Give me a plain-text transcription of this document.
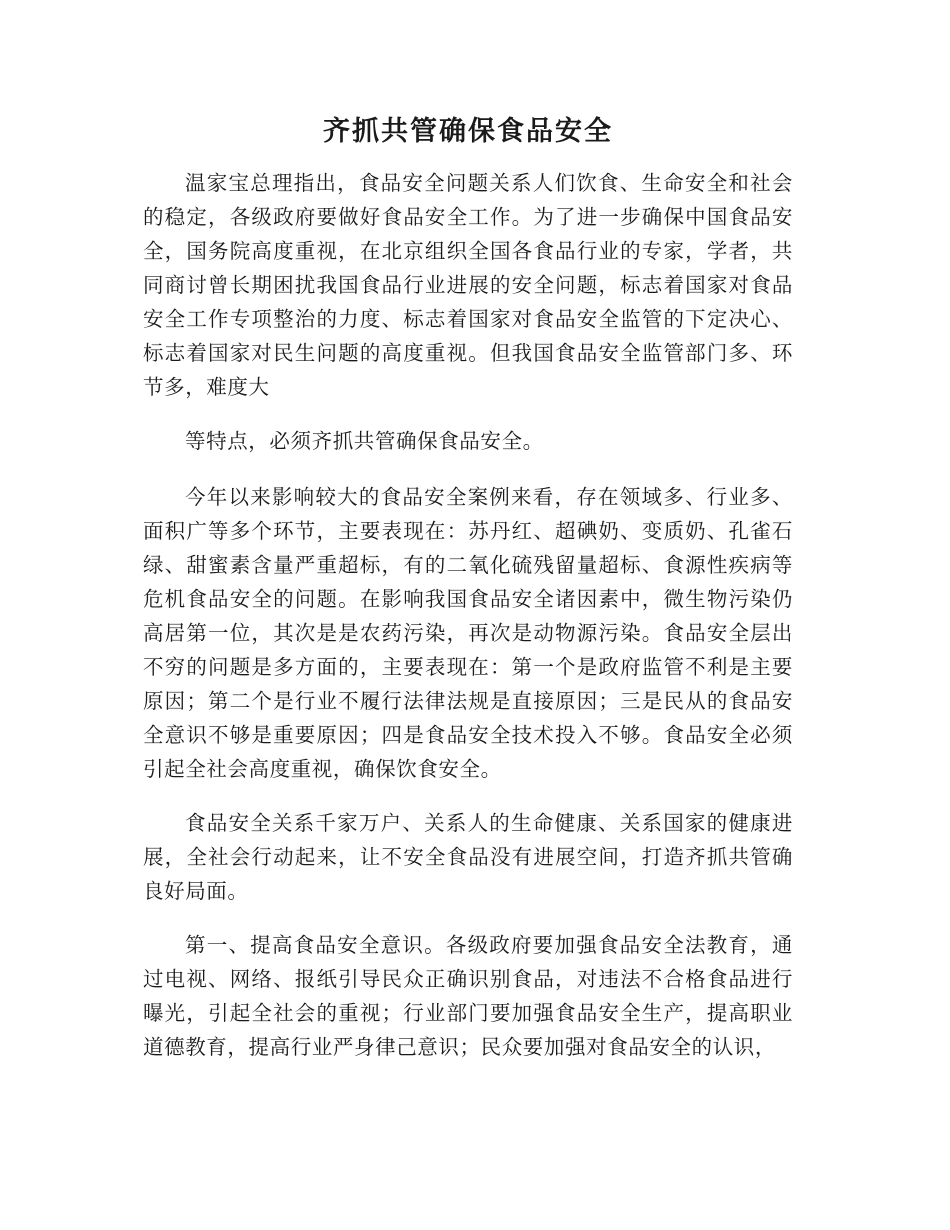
齐抓共管确保食品安全

温家宝总理指出，食品安全问题关系人们饮食、生命安全和社会的稳定，各级政府要做好食品安全工作。为了进一步确保中国食品安全，国务院高度重视，在北京组织全国各食品行业的专家，学者，共同商讨曾长期困扰我国食品行业进展的安全问题，标志着国家对食品安全工作专项整治的力度、标志着国家对食品安全监管的下定决心、标志着国家对民生问题的高度重视。但我国食品安全监管部门多、环节多，难度大

等特点，必须齐抓共管确保食品安全。

今年以来影响较大的食品安全案例来看，存在领域多、行业多、面积广等多个环节，主要表现在：苏丹红、超碘奶、变质奶、孔雀石绿、甜蜜素含量严重超标，有的二氧化硫残留量超标、食源性疾病等危机食品安全的问题。在影响我国食品安全诸因素中，微生物污染仍高居第一位，其次是是农药污染，再次是动物源污染。食品安全层出不穷的问题是多方面的，主要表现在：第一个是政府监管不利是主要原因；第二个是行业不履行法律法规是直接原因；三是民从的食品安全意识不够是重要原因；四是食品安全技术投入不够。食品安全必须引起全社会高度重视，确保饮食安全。

食品安全关系千家万户、关系人的生命健康、关系国家的健康进展，全社会行动起来，让不安全食品没有进展空间，打造齐抓共管确良好局面。

第一、提高食品安全意识。各级政府要加强食品安全法教育，通过电视、网络、报纸引导民众正确识别食品，对违法不合格食品进行曝光，引起全社会的重视；行业部门要加强食品安全生产，提高职业道德教育，提高行业严身律己意识；民众要加强对食品安全的认识，
